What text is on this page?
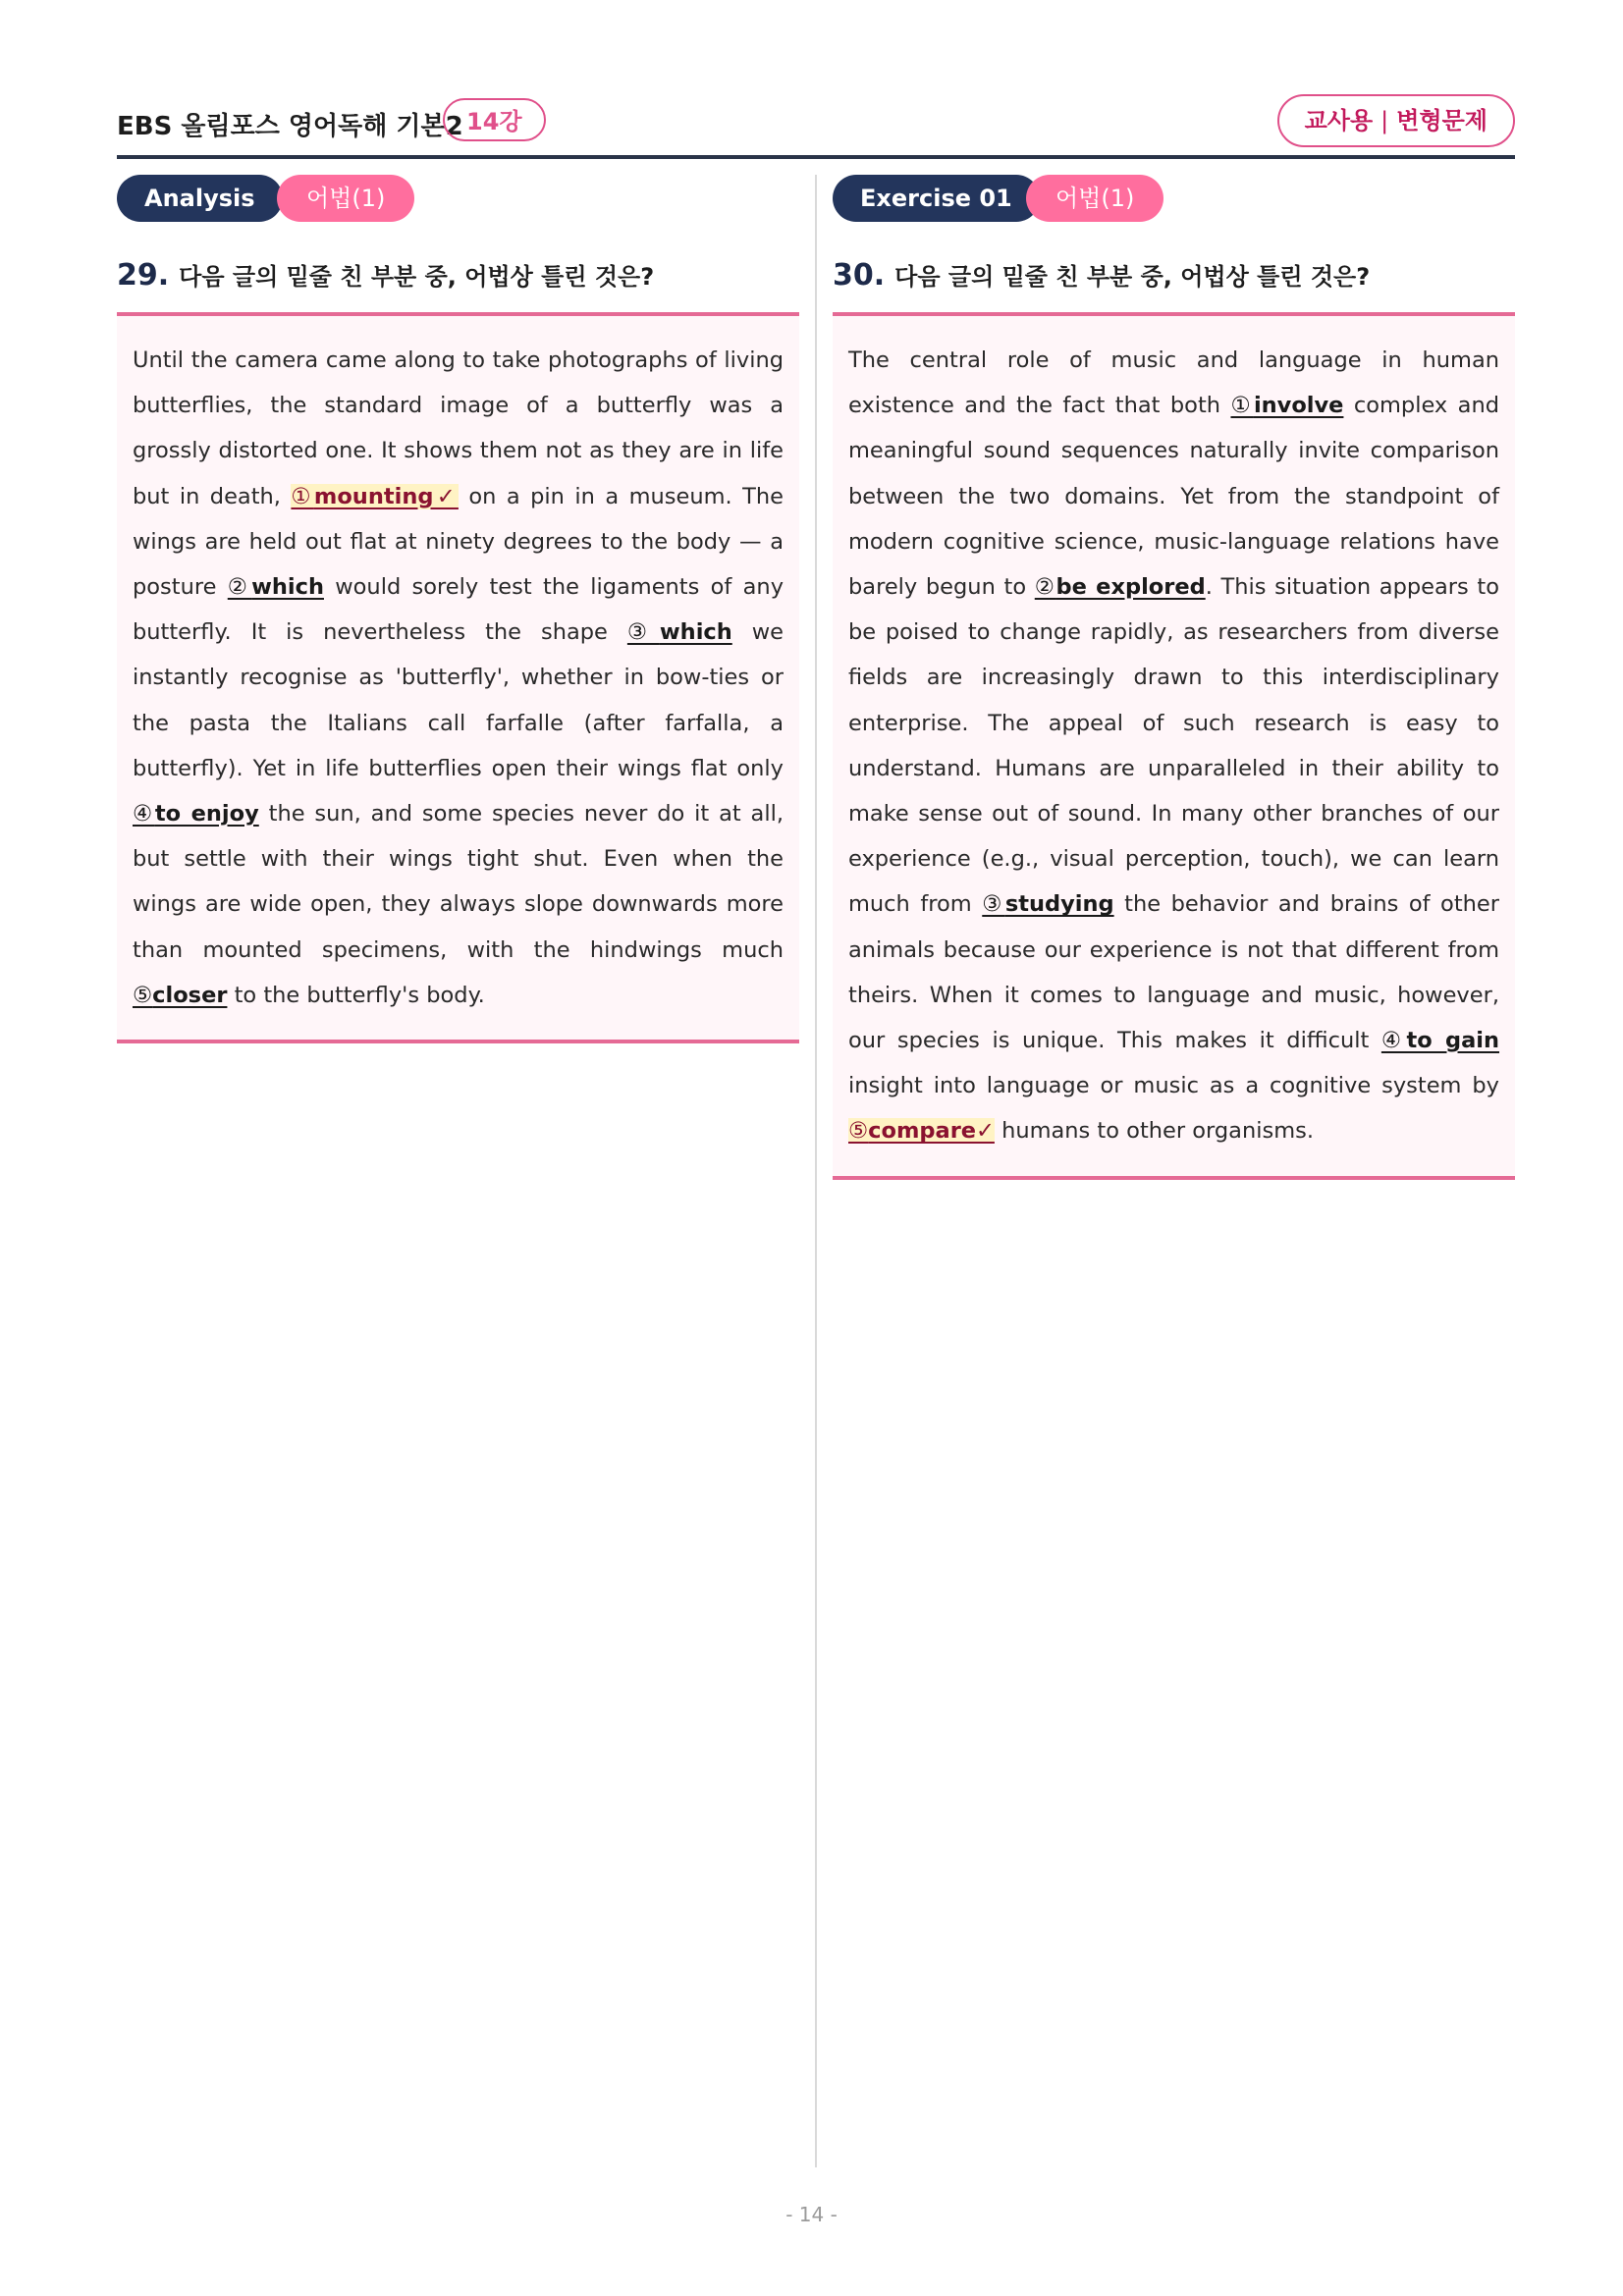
EBS 올림포스 영어독해 기본2 14강	교사용 | 변형문제
Analysis	어법(1)
29. 다음 글의 밑줄 친 부분 중, 어법상 틀린 것은?
Until the camera came along to take photographs of living butterflies, the standard image of a butterfly was a grossly distorted one. It shows them not as they are in life but in death, ①mounting✓ on a pin in a museum. The wings are held out flat at ninety degrees to the body — a posture ②which would sorely test the ligaments of any butterfly. It is nevertheless the shape ③which we instantly recognise as 'butterfly', whether in bow-ties or the pasta the Italians call farfalle (after farfalla, a butterfly). Yet in life butterflies open their wings flat only ④to enjoy the sun, and some species never do it at all, but settle with their wings tight shut. Even when the wings are wide open, they always slope downwards more than mounted specimens, with the hindwings much ⑤closer to the butterfly's body.
Exercise 01	어법(1)
30. 다음 글의 밑줄 친 부분 중, 어법상 틀린 것은?
The central role of music and language in human existence and the fact that both ①involve complex and meaningful sound sequences naturally invite comparison between the two domains. Yet from the standpoint of modern cognitive science, music-language relations have barely begun to ②be explored. This situation appears to be poised to change rapidly, as researchers from diverse fields are increasingly drawn to this interdisciplinary enterprise. The appeal of such research is easy to understand. Humans are unparalleled in their ability to make sense out of sound. In many other branches of our experience (e.g., visual perception, touch), we can learn much from ③studying the behavior and brains of other animals because our experience is not that different from theirs. When it comes to language and music, however, our species is unique. This makes it difficult ④to gain insight into language or music as a cognitive system by ⑤compare✓ humans to other organisms.
- 14 -
